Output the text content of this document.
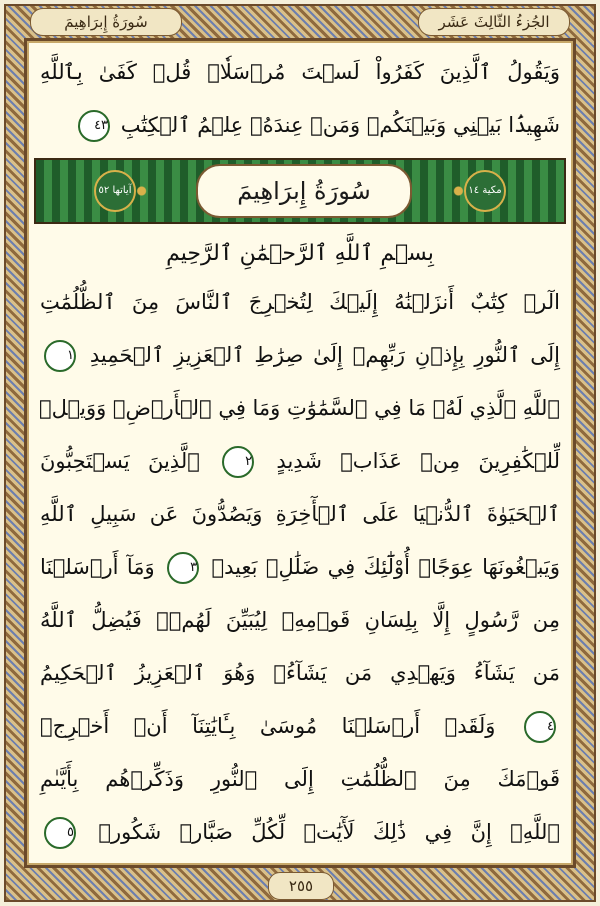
الجُزءُ الثّالِثَ عَشَر
سُورَةُ إِبرَاهِيمَ
وَيَقُولُ ٱلَّذِينَ كَفَرُواْ لَسۡتَ مُرۡسَلٗاۚ قُلۡ كَفَىٰ بِٱللَّهِ
شَهِيدَۢا بَيۡنِي وَبَيۡنَكُمۡ وَمَنۡ عِندَهُۥ عِلۡمُ ٱلۡكِتَٰبِ ٤٣
مكية ١٤
سُورَةُ إِبرَاهِيمَ
آياتها ٥٢
بِسۡمِ ٱللَّهِ ٱلرَّحۡمَٰنِ ٱلرَّحِيمِ
الٓرۚ كِتَٰبٌ أَنزَلۡنَٰهُ إِلَيۡكَ لِتُخۡرِجَ ٱلنَّاسَ مِنَ ٱلظُّلُمَٰتِ
إِلَى ٱلنُّورِ بِإِذۡنِ رَبِّهِمۡ إِلَىٰ صِرَٰطِ ٱلۡعَزِيزِ ٱلۡحَمِيدِ ١
ٱللَّهِ ٱلَّذِي لَهُۥ مَا فِي ٱلسَّمَٰوَٰتِ وَمَا فِي ٱلۡأَرۡضِۗ وَوَيۡلٞ
لِّلۡكَٰفِرِينَ مِنۡ عَذَابٖ شَدِيدٍ ٢ ٱلَّذِينَ يَسۡتَحِبُّونَ
ٱلۡحَيَوٰةَ ٱلدُّنۡيَا عَلَى ٱلۡأٓخِرَةِ وَيَصُدُّونَ عَن سَبِيلِ ٱللَّهِ
وَيَبۡغُونَهَا عِوَجًاۚ أُوْلَٰٓئِكَ فِي ضَلَٰلِۢ بَعِيدٖ ٣ وَمَآ أَرۡسَلۡنَا
مِن رَّسُولٍ إِلَّا بِلِسَانِ قَوۡمِهِۦ لِيُبَيِّنَ لَهُمۡۖ فَيُضِلُّ ٱللَّهُ
مَن يَشَآءُ وَيَهۡدِي مَن يَشَآءُۚ وَهُوَ ٱلۡعَزِيزُ ٱلۡحَكِيمُ
٤ وَلَقَدۡ أَرۡسَلۡنَا مُوسَىٰ بِـَٔايَٰتِنَآ أَنۡ أَخۡرِجۡ
قَوۡمَكَ مِنَ ٱلظُّلُمَٰتِ إِلَى ٱلنُّورِ وَذَكِّرۡهُم بِأَيَّىٰمِ
ٱللَّهِۚ إِنَّ فِي ذَٰلِكَ لَأٓيَٰتٖ لِّكُلِّ صَبَّارٖ شَكُورٖ ٥
٢٥٥
